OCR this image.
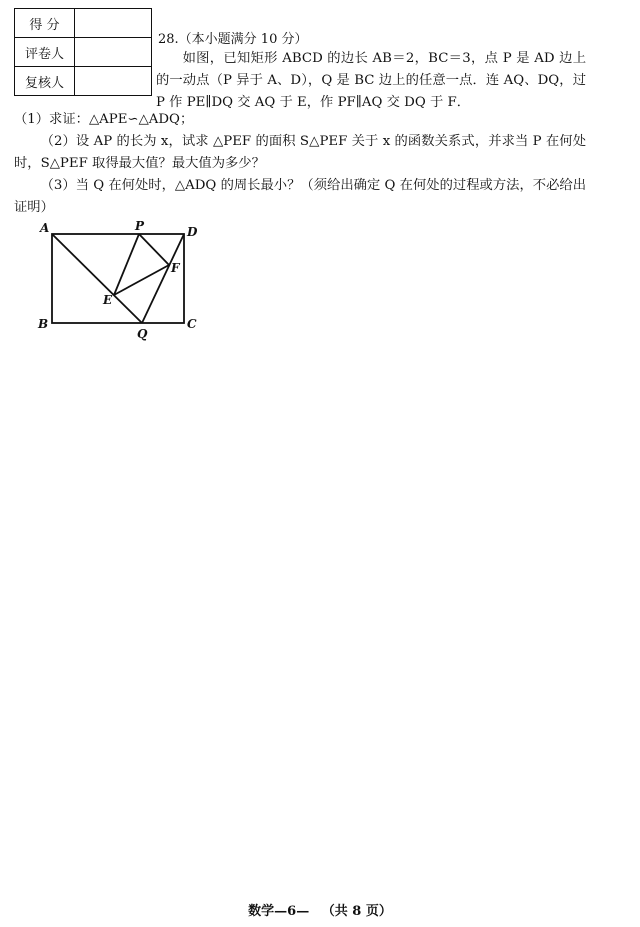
得 分	
评卷人	
复核人	
28.（本小题满分 10 分）

如图，已知矩形 ABCD 的边长 AB＝2，BC＝3，点 P 是 AD 边上的一动点（P 异于 A、D），Q 是 BC 边上的任意一点．连 AQ、DQ，过 P 作 PE∥DQ 交 AQ 于 E，作 PF∥AQ 交 DQ 于 F．

（1）求证：△APE∽△ADQ；

（2）设 AP 的长为 x，试求 △PEF 的面积 S△PEF 关于 x 的函数关系式，并求当 P 在何处时，S△PEF 取得最大值？最大值为多少？

（3）当 Q 在何处时，△ADQ 的周长最小？（须给出确定 Q 在何处的过程或方法，不必给出证明）

A	P	D
F
E
B
Q
C
数学—6— （共 8 页）
